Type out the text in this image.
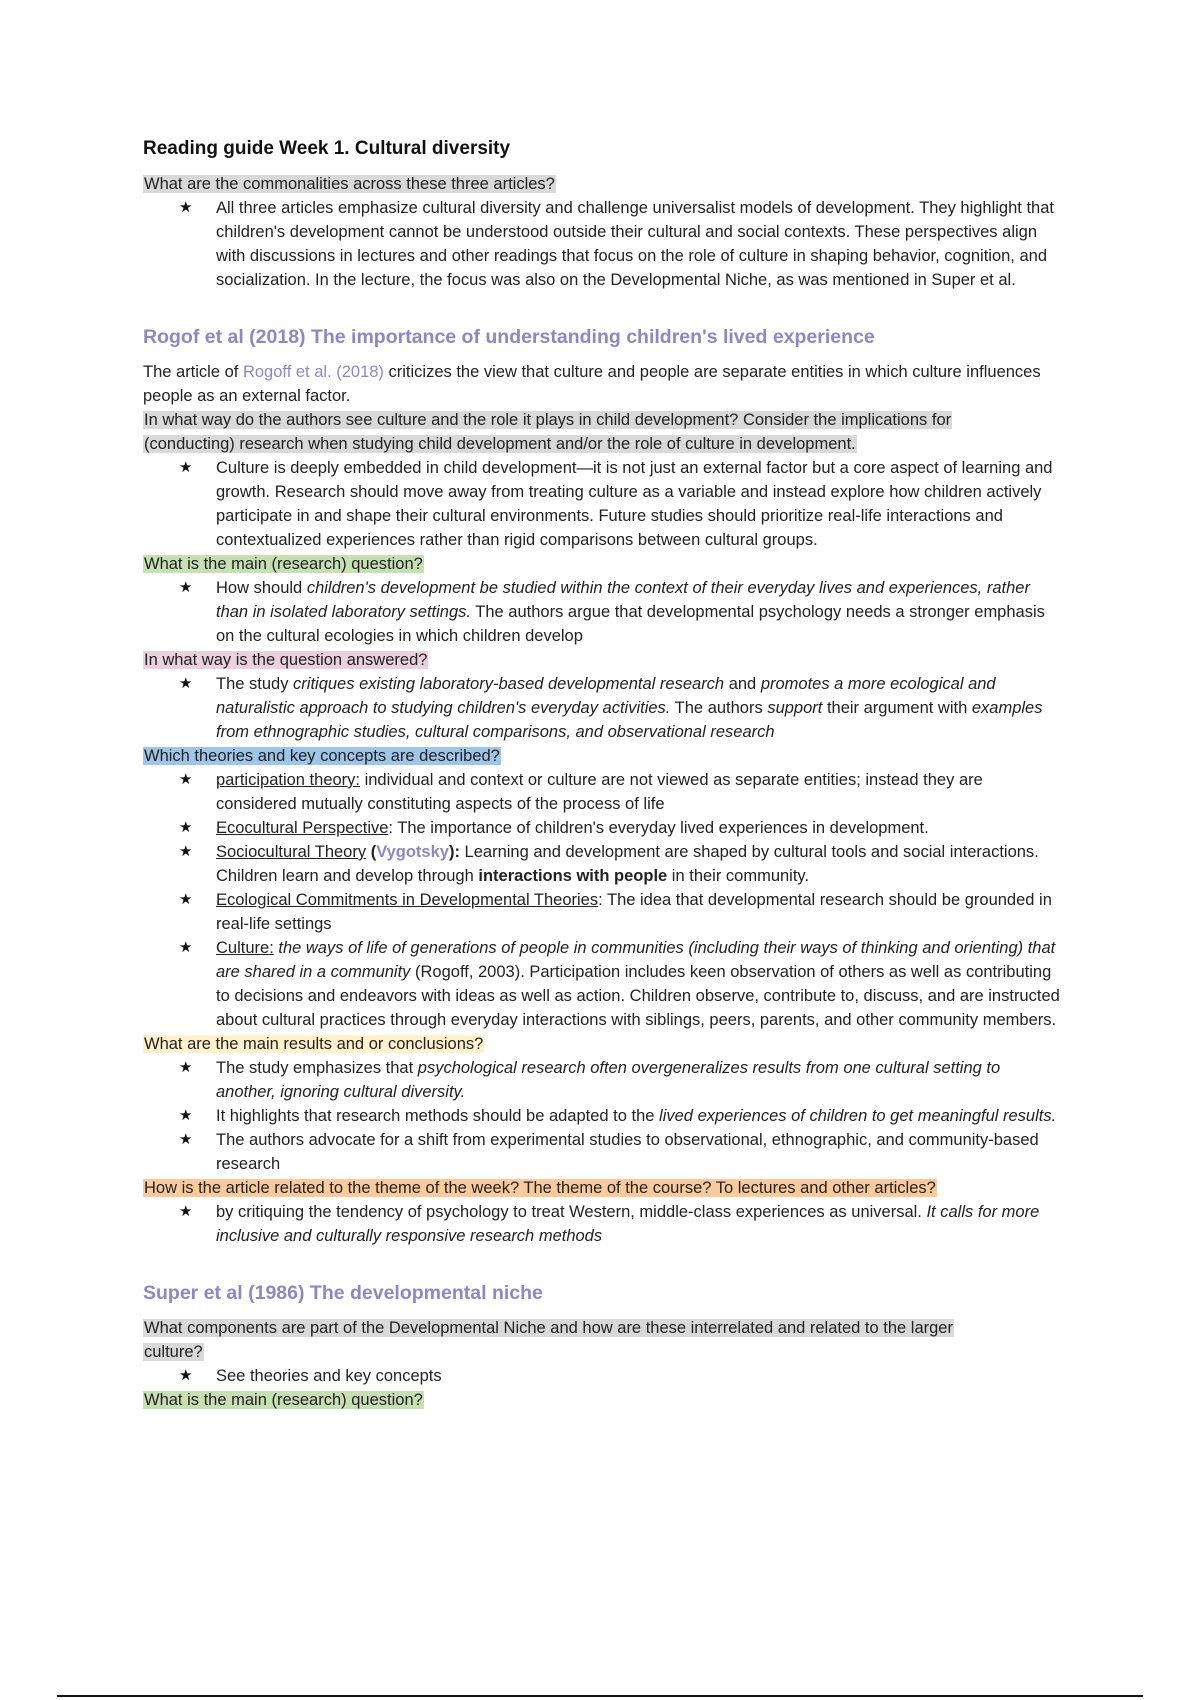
Reading guide Week 1. Cultural diversity
What are the commonalities across these three articles?
★ All three articles emphasize cultural diversity and challenge universalist models of development. They highlight that children's development cannot be understood outside their cultural and social contexts. These perspectives align with discussions in lectures and other readings that focus on the role of culture in shaping behavior, cognition, and socialization. In the lecture, the focus was also on the Developmental Niche, as was mentioned in Super et al.
Rogof et al (2018) The importance of understanding children's lived experience

The article of Rogoff et al. (2018) criticizes the view that culture and people are separate entities in which culture influences people as an external factor.

In what way do the authors see culture and the role it plays in child development? Consider the implications for
(conducting) research when studying child development and/or the role of culture in development.
★ Culture is deeply embedded in child development—it is not just an external factor but a core aspect of learning and growth. Research should move away from treating culture as a variable and instead explore how children actively participate in and shape their cultural environments. Future studies should prioritize real-life interactions and contextualized experiences rather than rigid comparisons between cultural groups.
What is the main (research) question?
★ How should children's development be studied within the context of their everyday lives and experiences, rather than in isolated laboratory settings. The authors argue that developmental psychology needs a stronger emphasis on the cultural ecologies in which children develop
In what way is the question answered?
★ The study critiques existing laboratory-based developmental research and promotes a more ecological and naturalistic approach to studying children's everyday activities. The authors support their argument with examples from ethnographic studies, cultural comparisons, and observational research
Which theories and key concepts are described?
★ participation theory: individual and context or culture are not viewed as separate entities; instead they are considered mutually constituting aspects of the process of life
★ Ecocultural Perspective: The importance of children's everyday lived experiences in development.
★ Sociocultural Theory (Vygotsky): Learning and development are shaped by cultural tools and social interactions. Children learn and develop through interactions with people in their community.
★ Ecological Commitments in Developmental Theories: The idea that developmental research should be grounded in real-life settings
★ Culture: the ways of life of generations of people in communities (including their ways of thinking and orienting) that are shared in a community (Rogoff, 2003). Participation includes keen observation of others as well as contributing to decisions and endeavors with ideas as well as action. Children observe, contribute to, discuss, and are instructed about cultural practices through everyday interactions with siblings, peers, parents, and other community members.
What are the main results and or conclusions?
★ The study emphasizes that psychological research often overgeneralizes results from one cultural setting to another, ignoring cultural diversity.
★ It highlights that research methods should be adapted to the lived experiences of children to get meaningful results.
★ The authors advocate for a shift from experimental studies to observational, ethnographic, and community-based research
How is the article related to the theme of the week? The theme of the course? To lectures and other articles?
★ by critiquing the tendency of psychology to treat Western, middle-class experiences as universal. It calls for more inclusive and culturally responsive research methods
Super et al (1986) The developmental niche
What components are part of the Developmental Niche and how are these interrelated and related to the larger
culture?
★ See theories and key concepts
What is the main (research) question?
